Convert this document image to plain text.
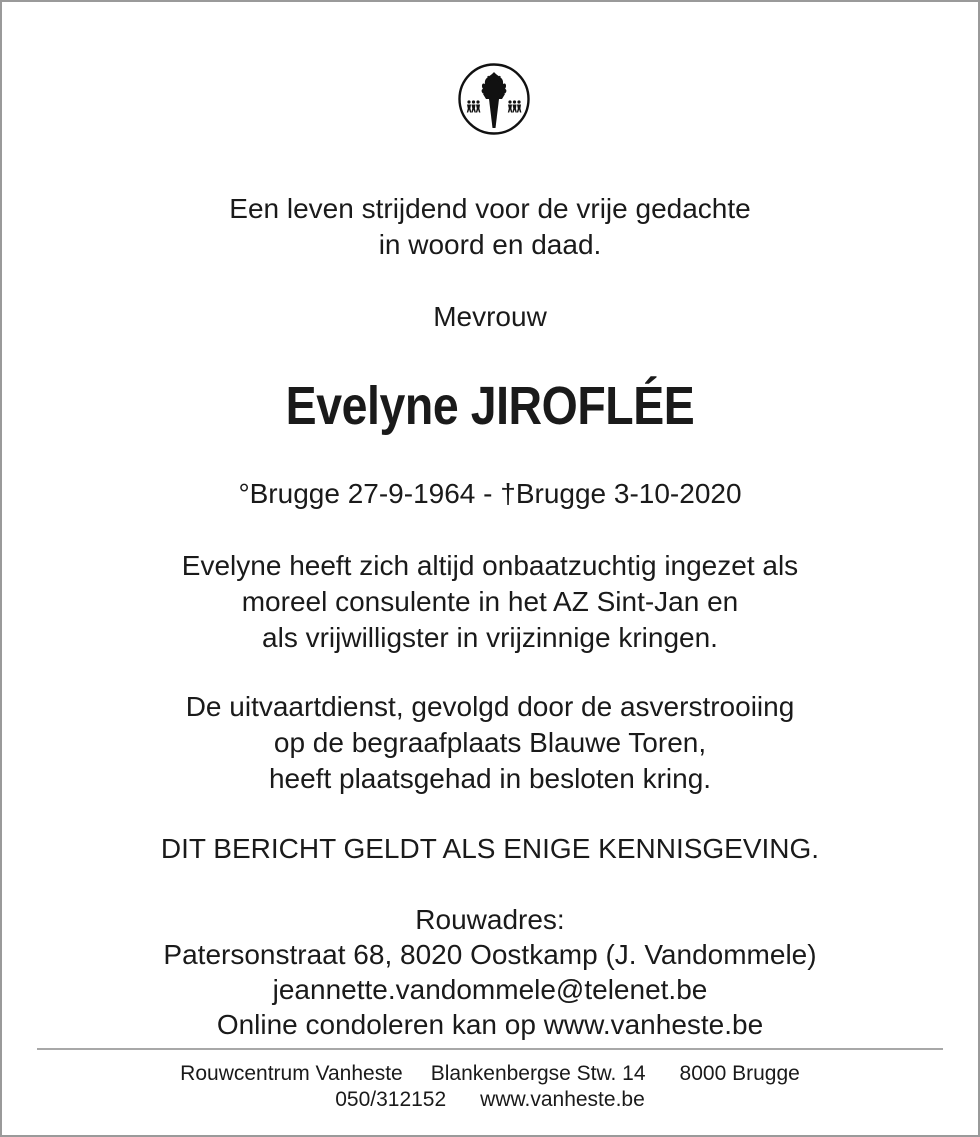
Een leven strijdend voor de vrije gedachte
in woord en daad.
Mevrouw
Evelyne JIROFLÉE
°Brugge 27-9-1964 - †Brugge 3-10-2020
Evelyne heeft zich altijd onbaatzuchtig ingezet als
moreel consulente in het AZ Sint-Jan en
als vrijwilligster in vrijzinnige kringen.
De uitvaartdienst, gevolgd door de asverstrooiing
op de begraafplaats Blauwe Toren,
heeft plaatsgehad in besloten kring.
DIT BERICHT GELDT ALS ENIGE KENNISGEVING.
Rouwadres:
Patersonstraat 68, 8020 Oostkamp (J. Vandommele)
jeannette.vandommele@telenet.be
Online condoleren kan op www.vanheste.be
Rouwcentrum Vanheste Blankenbergse Stw. 14 8000 Brugge
050/312152 www.vanheste.be
